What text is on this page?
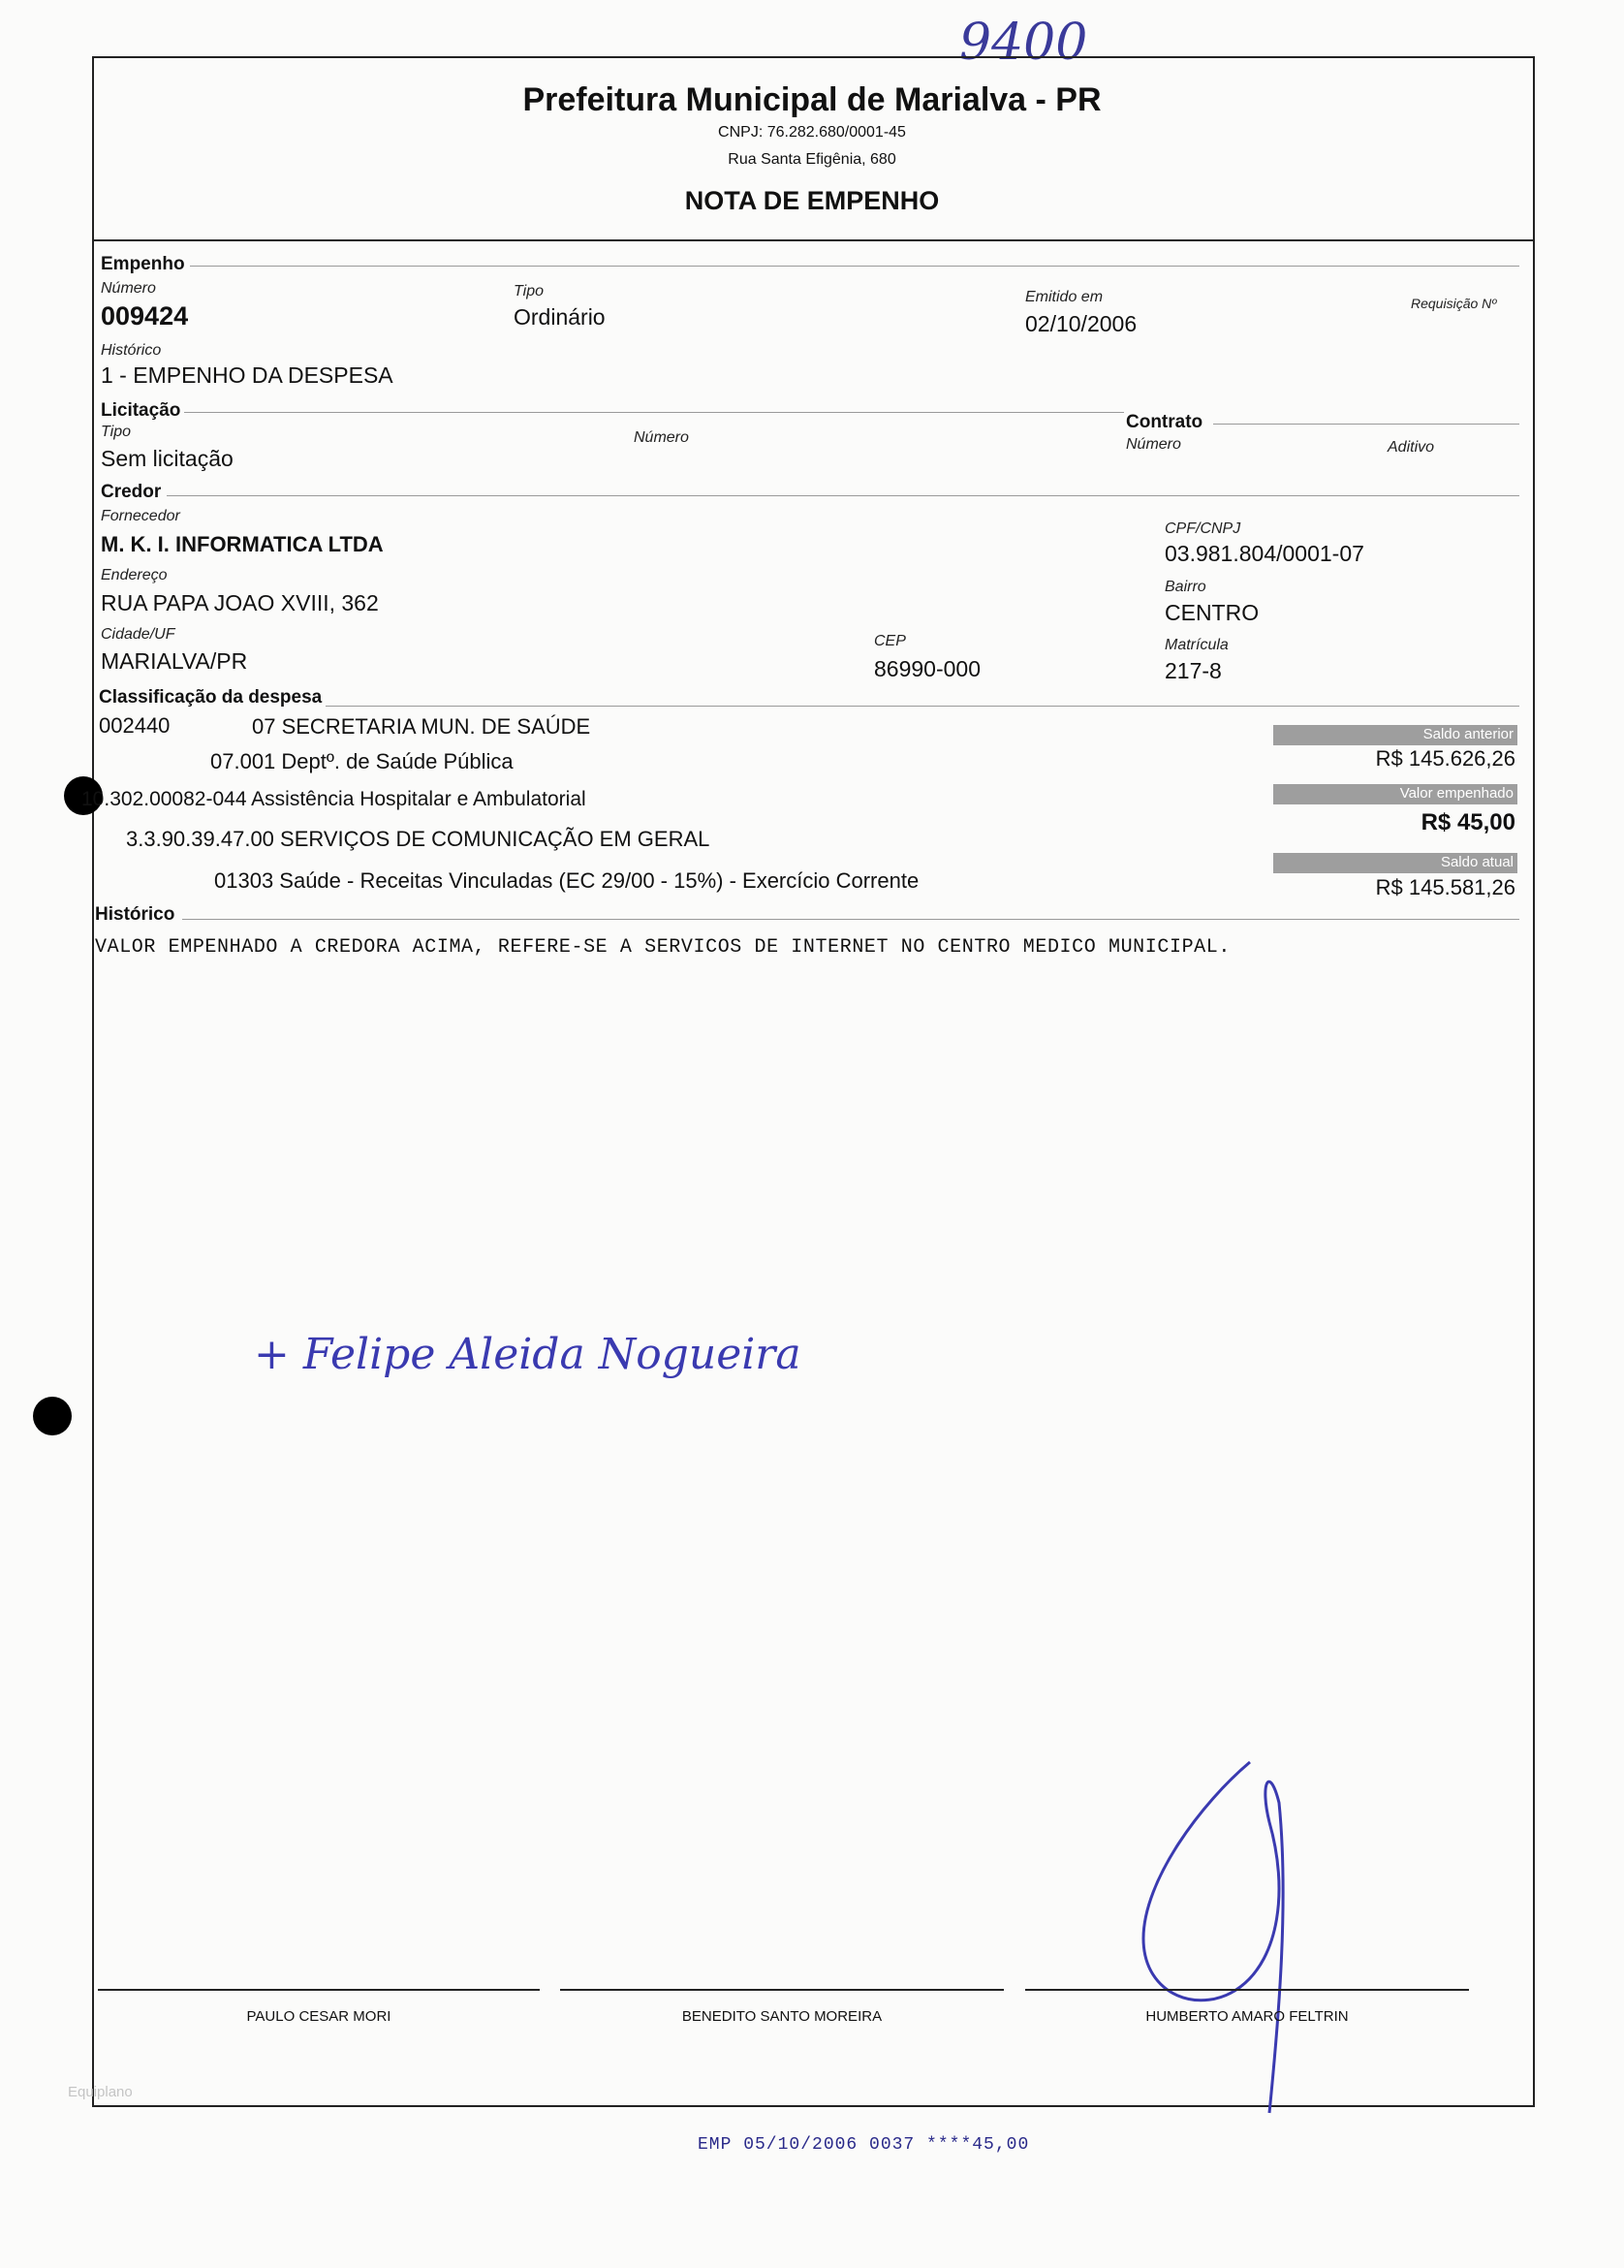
9400
Prefeitura Municipal de Marialva - PR
CNPJ: 76.282.680/0001-45
Rua Santa Efigênia, 680
NOTA DE EMPENHO
Empenho
Número
009424
Tipo
Ordinário
Emitido em
02/10/2006
Requisição Nº
Histórico
1 - EMPENHO DA DESPESA
Licitação
Tipo
Sem licitação
Número
Contrato
Número	Aditivo
Credor
Fornecedor
M. K. I. INFORMATICA LTDA
CPF/CNPJ
03.981.804/0001-07
Endereço
RUA PAPA JOAO XVIII, 362
Bairro
CENTRO
Cidade/UF
MARIALVA/PR
CEP
86990-000
Matrícula
217-8
Classificação da despesa
002440	07 SECRETARIA MUN. DE SAÚDE
07.001 Deptº. de Saúde Pública
10.302.00082-044 Assistência Hospitalar e Ambulatorial
3.3.90.39.47.00 SERVIÇOS DE COMUNICAÇÃO EM GERAL
01303 Saúde - Receitas Vinculadas (EC 29/00 - 15%) - Exercício Corrente
Saldo anterior
R$ 145.626,26
Valor empenhado
R$ 45,00
Saldo atual
R$ 145.581,26
Histórico
VALOR EMPENHADO A CREDORA ACIMA, REFERE-SE A SERVICOS DE INTERNET NO CENTRO MEDICO MUNICIPAL.
+ Felipe Aleida Nogueira
PAULO CESAR MORI	BENEDITO SANTO MOREIRA	HUMBERTO AMARO FELTRIN
Equiplano
EMP 05/10/2006 0037 ****45,00
